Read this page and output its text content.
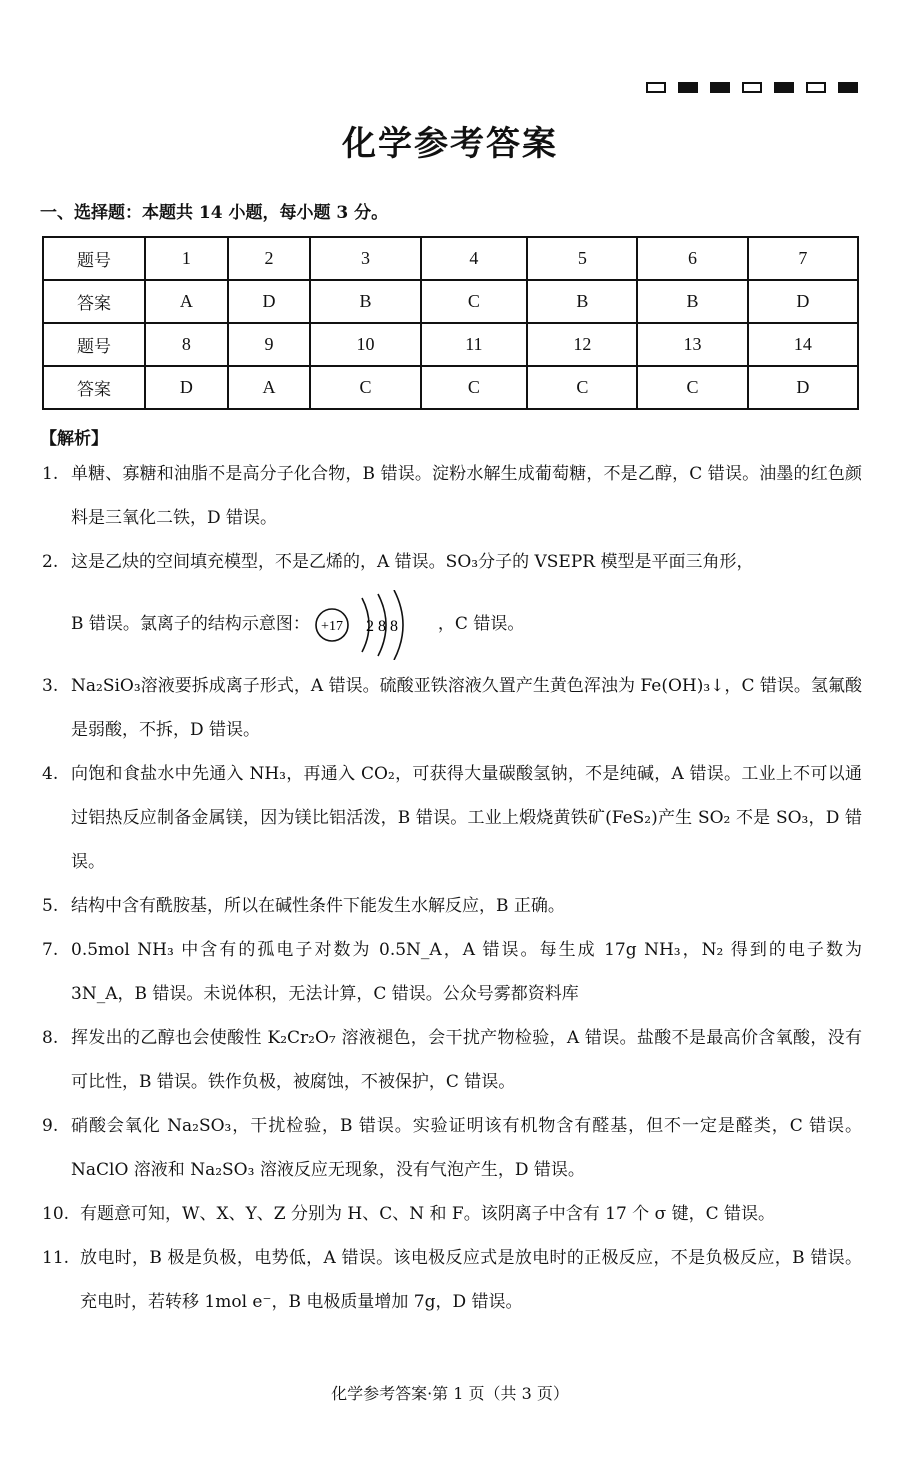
化学参考答案
一、选择题：本题共 14 小题，每小题 3 分。
题号	1	2	3	4	5	6	7
答案	A	D	B	C	B	B	D
题号	8	9	10	11	12	13	14
答案	D	A	C	C	C	C	D
【解析】
1. 单糖、寡糖和油脂不是高分子化合物，B 错误。淀粉水解生成葡萄糖，不是乙醇，C 错误。油墨的红色颜料是三氧化二铁，D 错误。
2. 这是乙炔的空间填充模型，不是乙烯的，A 错误。SO₃分子的 VSEPR 模型是平面三角形，
B 错误。氯离子的结构示意图： +17 2 8 8 ，C 错误。
3. Na₂SiO₃溶液要拆成离子形式，A 错误。硫酸亚铁溶液久置产生黄色浑浊为 Fe(OH)₃↓，C 错误。氢氟酸是弱酸，不拆，D 错误。
4. 向饱和食盐水中先通入 NH₃，再通入 CO₂，可获得大量碳酸氢钠，不是纯碱，A 错误。工业上不可以通过铝热反应制备金属镁，因为镁比铝活泼，B 错误。工业上煅烧黄铁矿(FeS₂)产生 SO₂ 不是 SO₃，D 错误。
5. 结构中含有酰胺基，所以在碱性条件下能发生水解反应，B 正确。
7. 0.5mol NH₃ 中含有的孤电子对数为 0.5N_A，A 错误。每生成 17g NH₃，N₂ 得到的电子数为 3N_A，B 错误。未说体积，无法计算，C 错误。公众号雾都资料库
8. 挥发出的乙醇也会使酸性 K₂Cr₂O₇ 溶液褪色，会干扰产物检验，A 错误。盐酸不是最高价含氧酸，没有可比性，B 错误。铁作负极，被腐蚀，不被保护，C 错误。
9. 硝酸会氧化 Na₂SO₃，干扰检验，B 错误。实验证明该有机物含有醛基，但不一定是醛类，C 错误。NaClO 溶液和 Na₂SO₃ 溶液反应无现象，没有气泡产生，D 错误。
10. 有题意可知，W、X、Y、Z 分别为 H、C、N 和 F。该阴离子中含有 17 个 σ 键，C 错误。
11. 放电时，B 极是负极，电势低，A 错误。该电极反应式是放电时的正极反应，不是负极反应，B 错误。充电时，若转移 1mol e⁻，B 电极质量增加 7g，D 错误。
化学参考答案·第 1 页（共 3 页）
